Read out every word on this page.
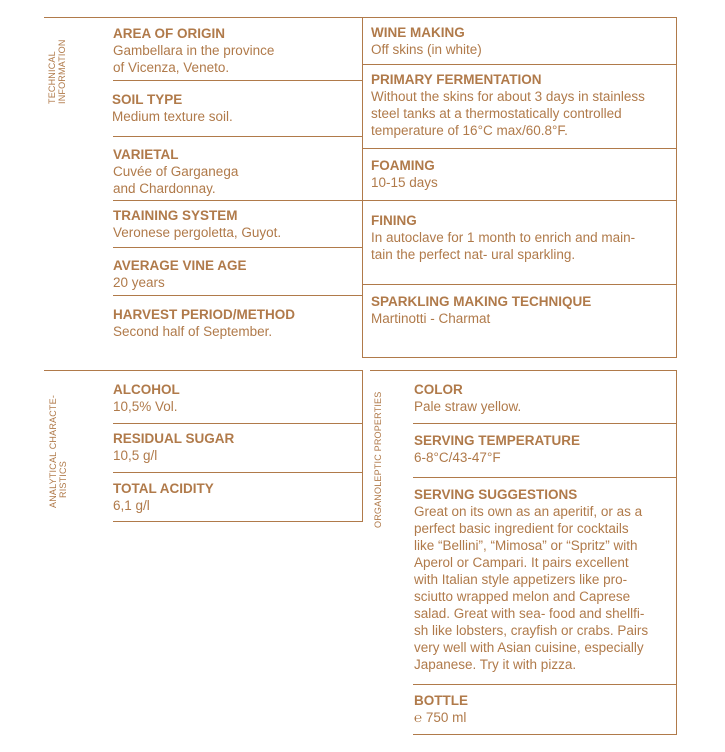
TECHNICAL INFORMATION
AREA OF ORIGIN
Gambellara in the province
of Vicenza, Veneto.
SOIL TYPE
Medium texture soil.
VARIETAL
Cuvée of Garganega
and Chardonnay.
TRAINING SYSTEM
Veronese pergoletta, Guyot.
AVERAGE VINE AGE
20 years
HARVEST PERIOD/METHOD
Second half of September.
WINE MAKING
Off skins (in white)
PRIMARY FERMENTATION
Without the skins for about 3 days in stainless
steel tanks at a thermostatically controlled
temperature of 16°C max/60.8°F.
FOAMING
10-15 days
FINING
In autoclave for 1 month to enrich and main-
tain the perfect nat- ural sparkling.
SPARKLING MAKING TECHNIQUE
Martinotti - Charmat
ANALYTICAL CHARACTE- RISTICS
ALCOHOL
10,5% Vol.
RESIDUAL SUGAR
10,5 g/l
TOTAL ACIDITY
6,1 g/l	ORGANOLEPTIC PROPERTIES
COLOR
Pale straw yellow.
SERVING TEMPERATURE
6-8°C/43-47°F
SERVING SUGGESTIONS
Great on its own as an aperitif, or as a
perfect basic ingredient for cocktails
like “Bellini”, “Mimosa” or “Spritz” with
Aperol or Campari. It pairs excellent
with Italian style appetizers like pro-
sciutto wrapped melon and Caprese
salad. Great with sea- food and shellfi-
sh like lobsters, crayfish or crabs. Pairs
very well with Asian cuisine, especially
Japanese. Try it with pizza.
BOTTLE
℮ 750 ml
